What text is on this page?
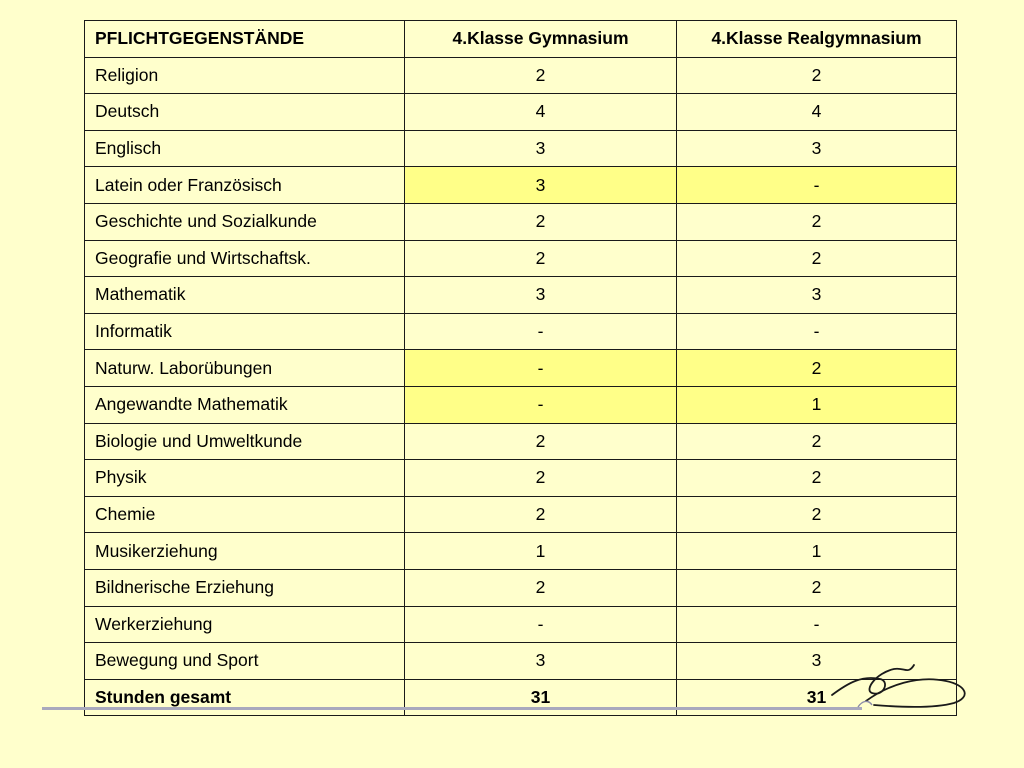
PFLICHTGEGENSTÄNDE	4.Klasse Gymnasium	4.Klasse Realgymnasium
Religion	2	2
Deutsch	4	4
Englisch	3	3
Latein oder Französisch	3	-
Geschichte und Sozialkunde	2	2
Geografie und Wirtschaftsk.	2	2
Mathematik	3	3
Informatik	-	-
Naturw. Laborübungen	-	2
Angewandte Mathematik	-	1
Biologie und Umweltkunde	2	2
Physik	2	2
Chemie	2	2
Musikerziehung	1	1
Bildnerische Erziehung	2	2
Werkerziehung	-	-
Bewegung und Sport	3	3
Stunden gesamt	31	31
